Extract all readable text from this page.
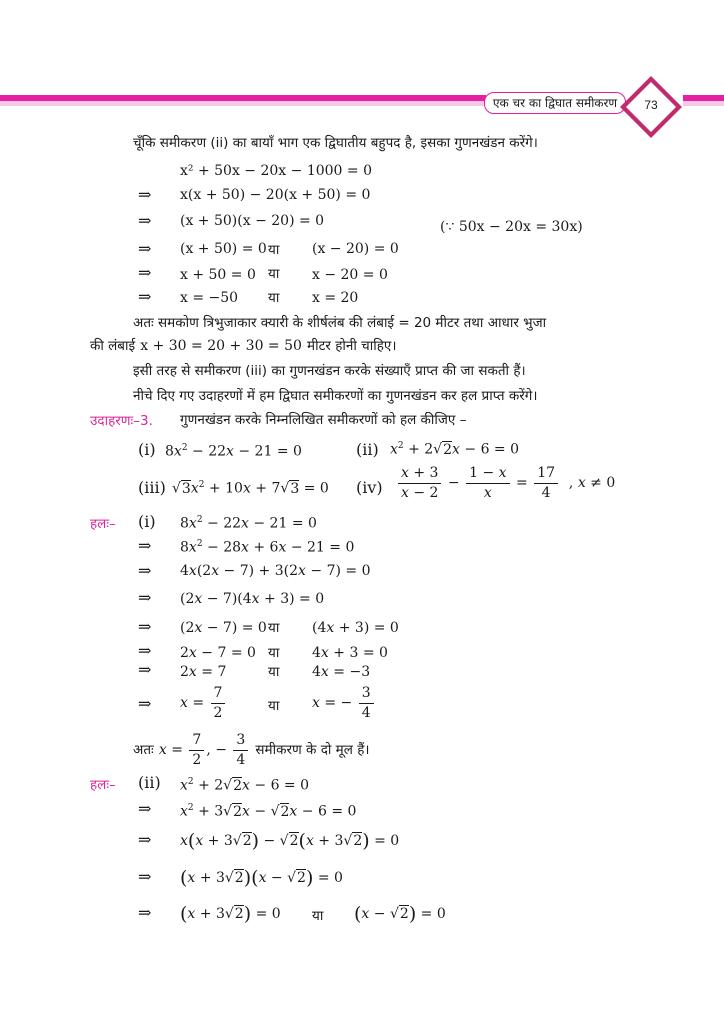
एक चर का द्विघात समीकरण	73
चूँकि समीकरण (ii) का बायाँ भाग एक द्विघातीय बहुपद है, इसका गुणनखंडन करेंगे।
x² + 50x − 20x − 1000 = 0
⇒ x(x + 50) − 20(x + 50) = 0
⇒ (x + 50)(x − 20) = 0	(∵ 50x − 20x = 30x)
⇒ (x + 50) = 0 या (x − 20) = 0
⇒ x + 50 = 0 या x − 20 = 0
⇒ x = −50 या x = 20
अतः समकोण त्रिभुजाकार क्यारी के शीर्षलंब की लंबाई = 20 मीटर तथा आधार भुजा
की लंबाई x + 30 = 20 + 30 = 50 मीटर होनी चाहिए।
इसी तरह से समीकरण (iii) का गुणनखंडन करके संख्याएँ प्राप्त की जा सकती हैं।
नीचे दिए गए उदाहरणों में हम द्विघात समीकरणों का गुणनखंडन कर हल प्राप्त करेंगे।
उदाहरणः–3. गुणनखंडन करके निम्नलिखित समीकरणों को हल कीजिए –
(i) $8x^2 - 22x - 21 = 0$	(ii) $x^2 + 2√2x - 6 = 0$
(iii) $√3x^2 + 10x + 7√3 = 0$ $(iv) \frac{x + 3}{x - 2} - \frac{1 - x}{x} = \frac{17}{4}$ , x ≠ 0
हलः– (i) $8x^2 - 22x - 21 = 0$
⇒ $8x^2 - 28x + 6x - 21 = 0$
⇒ 4x(2x − 7) + 3(2x − 7) = 0
⇒ (2x − 7)(4x + 3) = 0
⇒ (2x − 7) = 0 या (4x + 3) = 0
⇒ 2x − 7 = 0 या 4x + 3 = 0
⇒ 2x = 7	या 4x = −3
⇒ $x = \frac{7}{2}$	या x = − $\frac{3}{4}$
अतः $x = \frac{7}{2}$ , − $\frac{3}{4}$ समीकरण के दो मूल हैं।
हलः– (ii) $x^2 + 2√2x - 6 = 0$
⇒ $x^2 + 3√2x - √2x - 6 = 0$
⇒ x(x + 3√2) − √2(x + 3√2) = 0
⇒ (x + 3√2)(x − √2) = 0
⇒ (x + 3√2) = 0 या (x − √2) = 0
